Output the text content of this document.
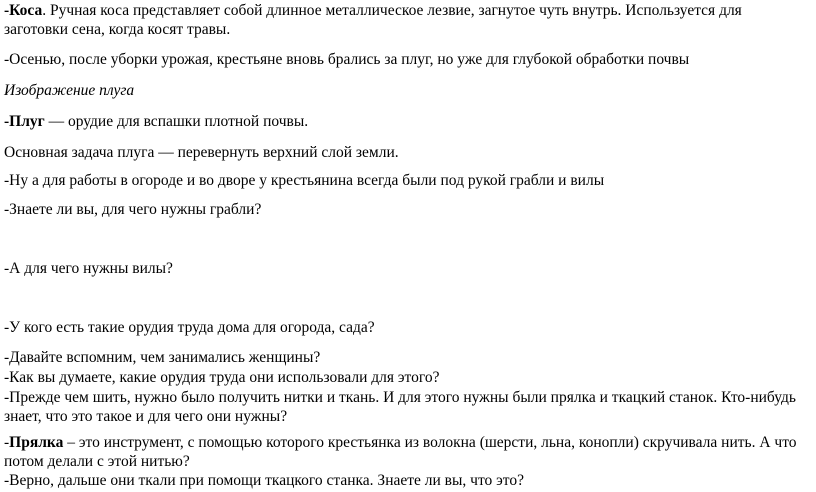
-Коса. Ручная коса представляет собой длинное металлическое лезвие, загнутое чуть внутрь. Используется для заготовки сена, когда косят травы.

-Осенью, после уборки урожая, крестьяне вновь брались за плуг, но уже для глубокой обработки почвы

Изображение плуга

-Плуг — орудие для вспашки плотной почвы.

Основная задача плуга — перевернуть верхний слой земли.

-Ну а для работы в огороде и во дворе у крестьянина всегда были под рукой грабли и вилы

-Знаете ли вы, для чего нужны грабли?

-А для чего нужны вилы?

-У кого есть такие орудия труда дома для огорода, сада?

-Давайте вспомним, чем занимались женщины?

-Как вы думаете, какие орудия труда они использовали для этого?

-Прежде чем шить, нужно было получить нитки и ткань. И для этого нужны были прялка и ткацкий станок. Кто-нибудь знает, что это такое и для чего они нужны?

-Прялка – это инструмент, с помощью которого крестьянка из волокна (шерсти, льна, конопли) скручивала нить. А что потом делали с этой нитью?

-Верно, дальше они ткали при помощи ткацкого станка. Знаете ли вы, что это?
